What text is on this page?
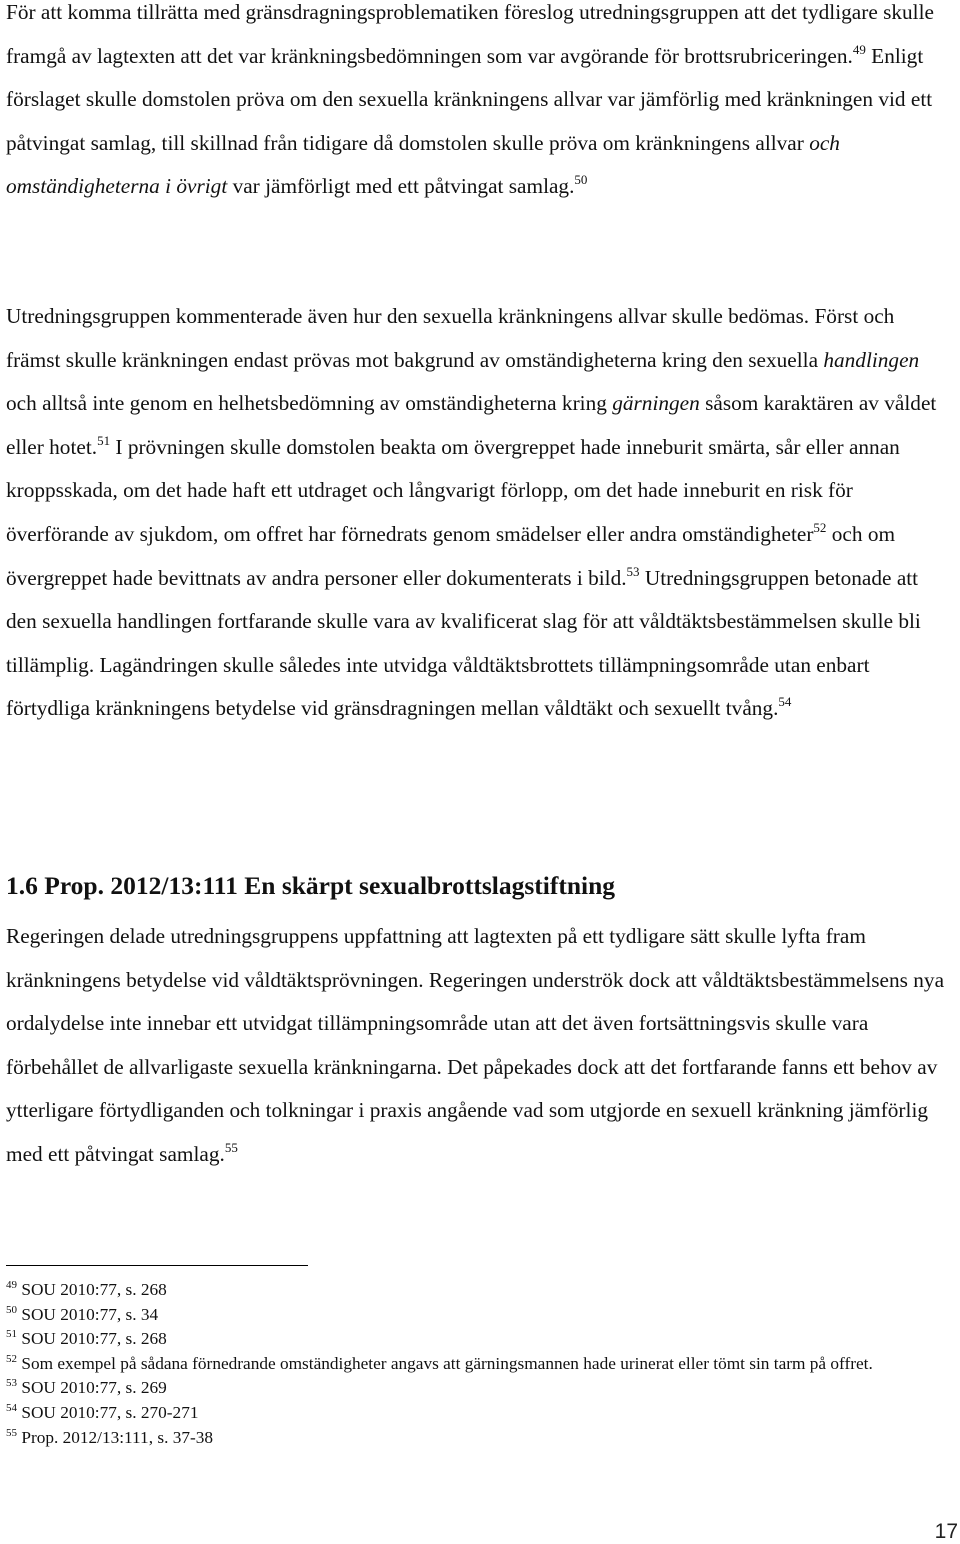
För att komma tillrätta med gränsdragningsproblematiken föreslog utredningsgruppen att det tydligare skulle framgå av lagtexten att det var kränkningsbedömningen som var avgörande för brottsrubriceringen.$^{49}$ Enligt förslaget skulle domstolen pröva om den sexuella kränkningens allvar var jämförlig med kränkningen vid ett påtvingat samlag, till skillnad från tidigare då domstolen skulle pröva om kränkningens allvar och omständigheterna i övrigt var jämförligt med ett påtvingat samlag.$^{50}$

Utredningsgruppen kommenterade även hur den sexuella kränkningens allvar skulle bedömas. Först och främst skulle kränkningen endast prövas mot bakgrund av omständigheterna kring den sexuella handlingen och alltså inte genom en helhetsbedömning av omständigheterna kring gärningen såsom karaktären av våldet eller hotet.$^{51}$ I prövningen skulle domstolen beakta om övergreppet hade inneburit smärta, sår eller annan kroppsskada, om det hade haft ett utdraget och långvarigt förlopp, om det hade inneburit en risk för överförande av sjukdom, om offret har förnedrats genom smädelser eller andra omständigheter$^{52}$ och om övergreppet hade bevittnats av andra personer eller dokumenterats i bild.$^{53}$ Utredningsgruppen betonade att den sexuella handlingen fortfarande skulle vara av kvalificerat slag för att våldtäktsbestämmelsen skulle bli tillämplig. Lagändringen skulle således inte utvidga våldtäktsbrottets tillämpningsområde utan enbart förtydliga kränkningens betydelse vid gränsdragningen mellan våldtäkt och sexuellt tvång.$^{54}$

1.6 Prop. 2012/13:111 En skärpt sexualbrottslagstiftning

Regeringen delade utredningsgruppens uppfattning att lagtexten på ett tydligare sätt skulle lyfta fram kränkningens betydelse vid våldtäktsprövningen. Regeringen underströk dock att våldtäktsbestämmelsens nya ordalydelse inte innebar ett utvidgat tillämpningsområde utan att det även fortsättningsvis skulle vara förbehållet de allvarligaste sexuella kränkningarna. Det påpekades dock att det fortfarande fanns ett behov av ytterligare förtydliganden och tolkningar i praxis angående vad som utgjorde en sexuell kränkning jämförlig med ett påtvingat samlag.$^{55}$

$^{49}$ SOU 2010:77, s. 268

$^{50}$ SOU 2010:77, s. 34

$^{51}$ SOU 2010:77, s. 268

$^{52}$ Som exempel på sådana förnedrande omständigheter angavs att gärningsmannen hade urinerat eller tömt sin tarm på offret.

$^{53}$ SOU 2010:77, s. 269

$^{54}$ SOU 2010:77, s. 270-271

$^{55}$ Prop. 2012/13:111, s. 37-38

17
